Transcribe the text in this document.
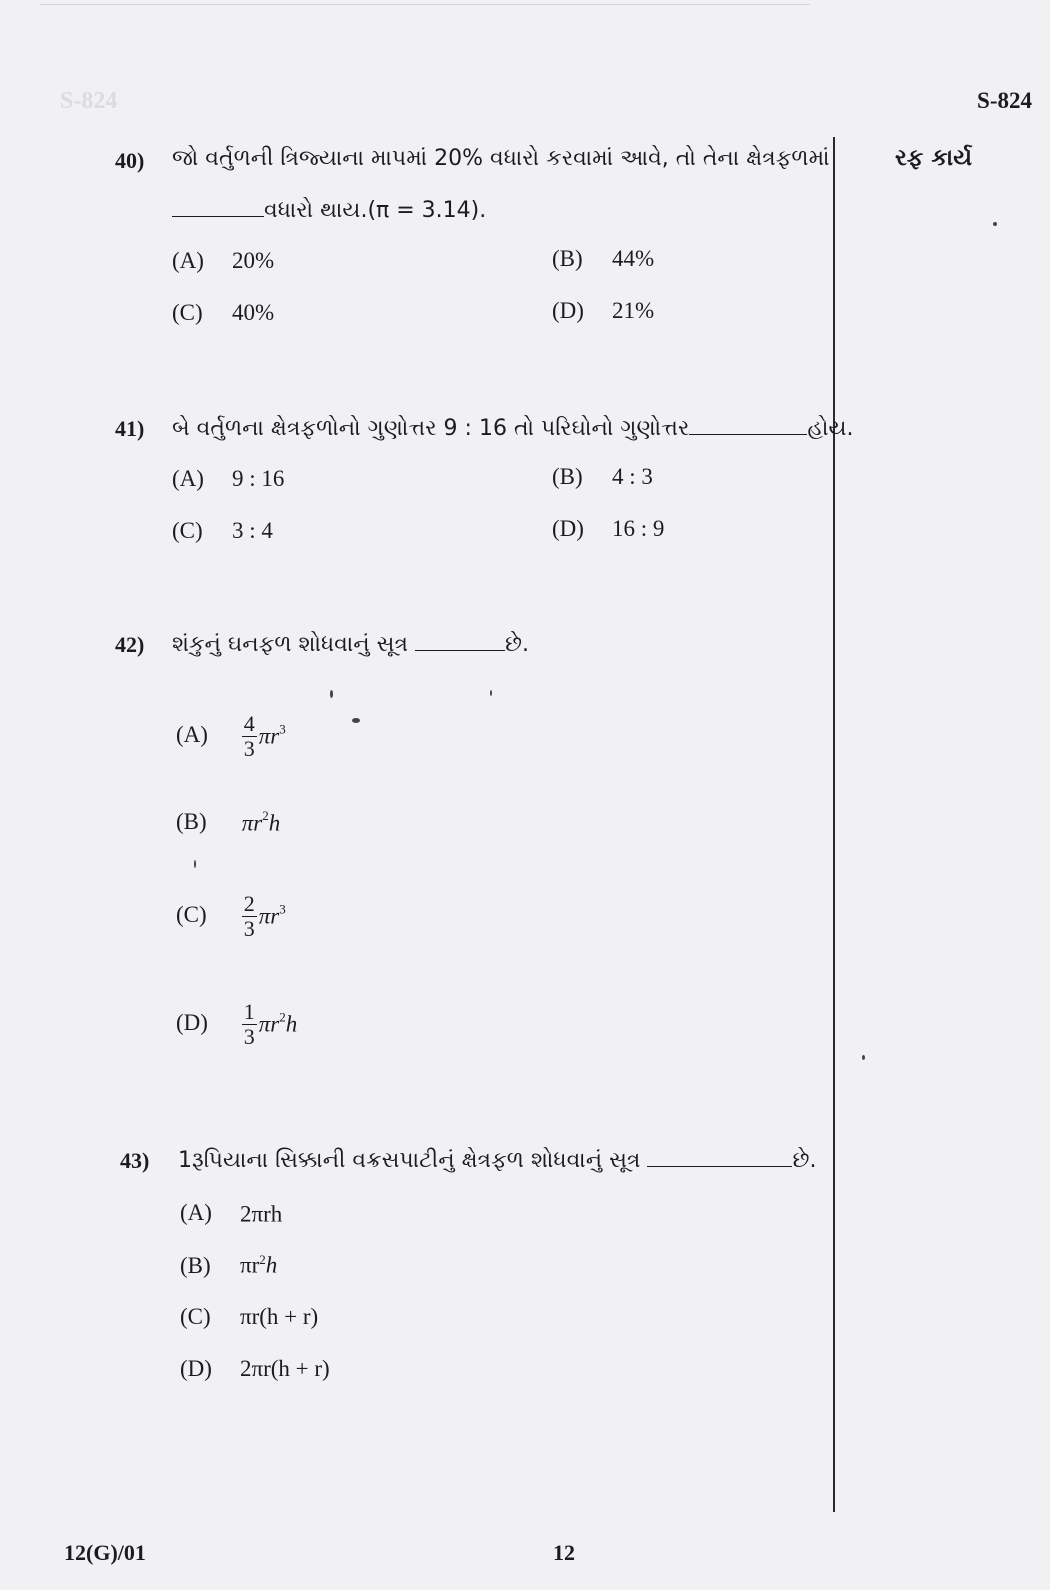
S-824	S-824
રફ કાર્ય
40) જો વર્તુળની ત્રિજ્યાના માપમાં 20% વધારો કરવામાં આવે, તો તેના ક્ષેત્રફળમાં
વધારો થાય.(π = 3.14).
(A) 20%	(B) 44%
(C) 40%	(D) 21%
41) બે વર્તુળના ક્ષેત્રફળોનો ગુણોત્તર 9 : 16 તો પરિઘોનો ગુણોત્તર	હોય.
(A) 9 : 16	(B) 4 : 3
(C) 3 : 4	(D) 16 : 9
42) શંકુનું ઘનફળ શોધવાનું સૂત્ર	છે.
$(A) \frac{4}{3} \pi r^3$
(B) $\pi r^2h$
$(C) \frac{2}{3} \pi r^3$
$(D) \frac{1}{3} \pi r^2h$
43) 1રૂપિયાના સિક્કાની વક્રસપાટીનું ક્ષેત્રફળ શોધવાનું સૂત્ર	છે.
(A) 2πrh
(B) $\pi r^2h$
(C) πr(h + r)
(D) 2πr(h + r)
12(G)/01	12
